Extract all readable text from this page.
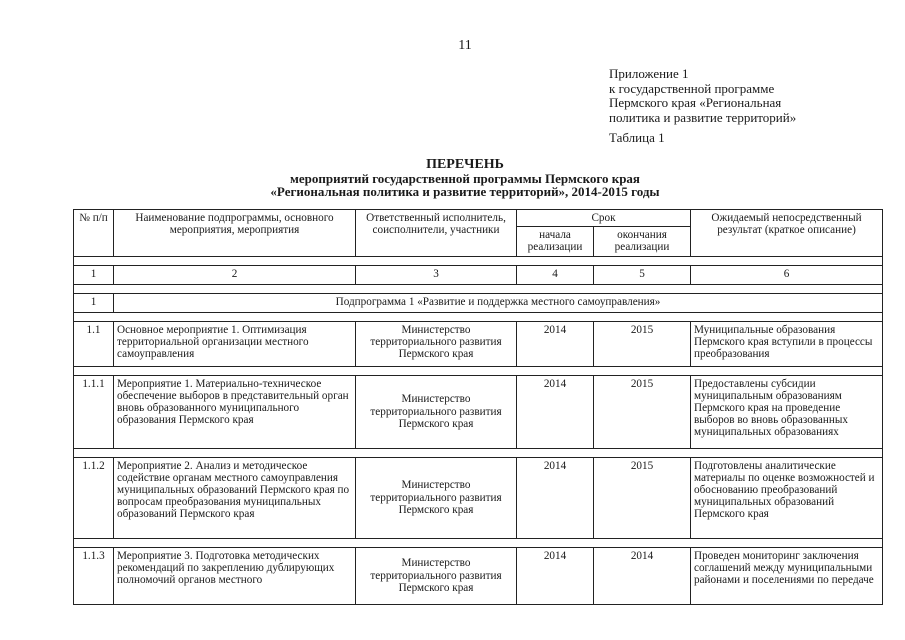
11
Приложение 1
к государственной программе
Пермского края «Региональная
политика и развитие территорий»
Таблица 1
ПЕРЕЧЕНЬ
мероприятий государственной программы Пермского края
«Региональная политика и развитие территорий», 2014-2015 годы
№ п/п	Наименование подпрограммы, основного мероприятия, мероприятия	Ответственный исполнитель, соисполнители, участники	Срок		Ожидаемый непосредственный результат (краткое описание)
			начала реализации	окончания реализации	

1	2	3	4	5	6

1	Подпрограмма 1 «Развитие и поддержка местного самоуправления»				

1.1	Основное мероприятие 1. Оптимизация территориальной организации местного самоуправления	Министерство территориального развития Пермского края	2014	2015	Муниципальные образования Пермского края вступили в процессы преобразования

1.1.1	Мероприятие 1. Материально-техническое обеспечение выборов в представительный орган вновь образованного муниципального образования Пермского края	Министерство территориального развития Пермского края	2014	2015	Предоставлены субсидии муниципальным образованиям Пермского края на проведение выборов во вновь образованных муниципальных образованиях

1.1.2	Мероприятие 2. Анализ и методическое содействие органам местного самоуправления муниципальных образований Пермского края по вопросам преобразования муниципальных образований Пермского края	Министерство территориального развития Пермского края	2014	2015	Подготовлены аналитические материалы по оценке возможностей и обоснованию преобразований муниципальных образований Пермского края

1.1.3	Мероприятие 3. Подготовка методических рекомендаций по закреплению дублирующих полномочий органов местного	Министерство территориального развития Пермского края	2014	2014	Проведен мониторинг заключения соглашений между муниципальными районами и поселениями по передаче
